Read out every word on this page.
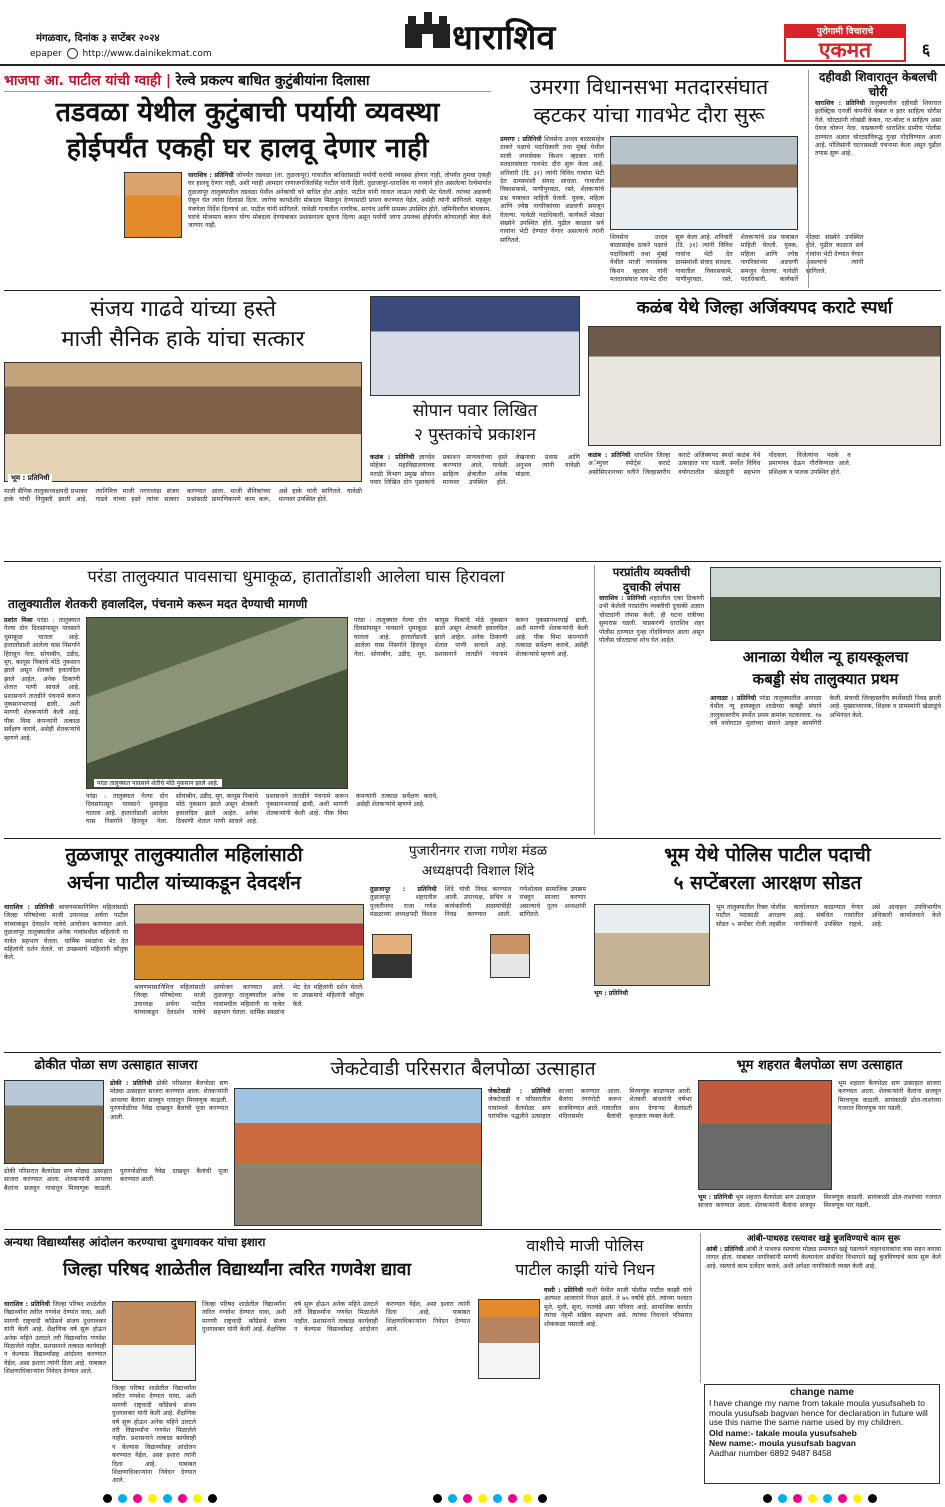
मंगळवार, दिनांक ३ सप्टेंबर २०२४
epaper http://www.dainikekmat.com	धाराशिव	पुरोगामी विचाराचे
एकमत	६
भाजपा आ. पाटील यांची ग्वाही | रेल्वे प्रकल्प बाधित कुटुंबीयांना दिलासा
तडवळा येथील कुटुंबाची पर्यायी व्यवस्था
होईपर्यंत एकही घर हालवू देणार नाही
धाराशिव : प्रतिनिधी जोपर्यंत तडवळा (ता. तुळजापूर) गावातील बाधितांसाठी पर्यायी घरांची व्यवस्था होणार नाही, तोपर्यंत तुमचा एकही घर हालवू देणार नाही, अशी ग्वाही आमदार राणाजगजितसिंह पाटील यांनी दिली. तुळजापूर-धाराशिव या नव्याने होत असलेल्या रेल्वेमार्गात तुळजापूर तालुक्यातील तडवळा येथील अनेकांची घरे बाधित होत आहेत. पाटील यांनी गावात जाऊन त्यांची भेट घेतली. त्यांच्या अडचणी ऐकून घेत त्यांना दिलासा दिला. जागेचा कायदेशीर मोबदला मिळवून देण्यासाठी प्रयत्न करण्यात येईल, असेही त्यांनी सांगितले. महसूल यंत्रणेला निर्देश दिल्याचे आ. पाटील यांनी सांगितले. यावेळी गावातील नागरिक, सरपंच आणि ग्रामस्थ उपस्थित होते. जमिनीवरील बांधकाम, घरांचे मोजमाप करून योग्य मोबदला देण्याबाबत प्रशासनाला सूचना दिल्या असून पर्यायी जागा उपलब्ध होईपर्यंत कोणालाही बेघर केले जाणार नाही.
उमरगा विधानसभा मतदारसंघात
व्हटकर यांचा गावभेट दौरा सुरू
उमरगा : प्रतिनिधी शिवसेना उध्दव बाळासाहेब ठाकरे पक्षाचे पदाधिकारी तथा मुंबई येथील माजी नगरसेवक किशन व्हटकर यांनी मतदारसंघात गावभेट दौरा सुरू केला आहे. शनिवारी (दि. ३१) त्यांनी विविध गावांना भेटी देत ग्रामस्थांशी संवाद साधला. गावातील विकासकामे, पाणीपुरवठा, रस्ते, शेतकऱ्यांचे प्रश्न याबाबत माहिती घेतली. युवक, महिला आणि ज्येष्ठ नागरिकांच्या अडचणी समजून घेतल्या. यावेळी पदाधिकारी, कार्यकर्ते मोठ्या संख्येने उपस्थित होते. पुढील काळात सर्व गावांना भेटी देण्यात येणार असल्याचे त्यांनी सांगितले.	शिवसेना उध्दव बाळासाहेब ठाकरे पक्षाचे पदाधिकारी तथा मुंबई येथील माजी नगरसेवक किशन व्हटकर यांनी मतदारसंघात गावभेट दौरा सुरू केला आहे. शनिवारी (दि. ३१) त्यांनी विविध गावांना भेटी देत ग्रामस्थांशी संवाद साधला. गावातील विकासकामे, पाणीपुरवठा, रस्ते, शेतकऱ्यांचे प्रश्न याबाबत माहिती घेतली. युवक, महिला आणि ज्येष्ठ नागरिकांच्या अडचणी समजून घेतल्या. यावेळी पदाधिकारी, कार्यकर्ते मोठ्या संख्येने उपस्थित होते. पुढील काळात सर्व गावांना भेटी देण्यात येणार असल्याचे त्यांनी सांगितले.
दहीवडी शिवारातून केबलची चोरी
धाराशिव : प्रतिनिधी तालुक्यातील दहीवडी शिवारात इलेक्ट्रिक एनर्जी कंपनीचे केबल व इतर साहित्य चोरीस गेले. चोरट्यांनी लोखंडी केबल, नट-बोल्ट व साहित्य असा ऐवज चोरून नेला. याप्रकरणी धाराशिव ग्रामीण पोलीस ठाण्यात अज्ञात चोरट्यांविरुद्ध गुन्हा नोंदविण्यात आला आहे. पोलिसांनी घटनास्थळी पंचनामा केला असून पुढील तपास सुरू आहे.
संजय गाढवे यांच्या हस्ते
माजी सैनिक हाके यांचा सत्कार
भूम : प्रतिनिधी
माजी सैनिक तालुकाध्यक्षपदी प्रभाकर हाके यांची नियुक्ती झाली आहे. त्यानिमित्त माजी नगराध्यक्ष संजय गाढवे यांच्या हस्ते त्यांचा सत्कार करण्यात आला. माजी सैनिकांच्या प्रश्नांसाठी प्रामाणिकपणे काम करू, असे हाके यांनी सांगितले. यावेळी मान्यवर उपस्थित होते.
सोपान पवार लिखित
२ पुस्तकांचे प्रकाशन
कळंब : प्रतिनिधी ज्ञानदेव मोहेकर महाविद्यालयाच्या मराठी विभाग प्रमुख सोपान पवार लिखित दोन पुस्तकांचे प्रकाशन मान्यवरांच्या हस्ते करण्यात आले. यावेळी साहित्य क्षेत्रातील अनेक मान्यवर उपस्थित होते. लेखनाचा प्रवास आणि अनुभव त्यांनी यावेळी मांडला.
कळंब येथे जिल्हा अजिंक्यपद कराटे स्पर्धा
कळंब : प्रतिनिधी धाराशिव जिल्हा अॅम्युचर स्पोर्ट्स कराटे असोसिएशनच्या वतीने जिल्हास्तरीय कराटे अजिंक्यपद स्पर्धा कळंब येथे उत्साहात पार पडली. स्पर्धेत विविध वयोगटातील खेळाडूंनी सहभाग नोंदवला. विजेत्यांना पदके व प्रमाणपत्र देऊन गौरविण्यात आले. प्रशिक्षक व पालक उपस्थित होते.
परंडा तालुक्यात पावसाचा धुमाकूळ, हातातोंडाशी आलेला घास हिरावला
तालुक्यातील शेतकरी हवालदिल, पंचनामे करून मदत देण्याची मागणी
परंडा तालुक्यात पावसाने शेतीचे मोठे नुकसान झाले आहे.
प्रशांत मिश्रा परंडा : तालुक्यात गेल्या दोन दिवसांपासून पावसाने धुमाकूळ घातला आहे. हातातोंडाशी आलेला घास निसर्गाने हिरावून नेला. सोयाबीन, उडीद, मूग, कापूस पिकांचे मोठे नुकसान झाले असून शेतकरी हवालदिल झाले आहेत. अनेक ठिकाणी शेतात पाणी साचले आहे. प्रशासनाने तातडीने पंचनामे करून नुकसानभरपाई द्यावी, अशी मागणी शेतकऱ्यांनी केली आहे. पीक विमा कंपन्यांनी तत्काळ सर्वेक्षण करावे, असेही शेतकऱ्यांचे म्हणणे आहे.
परंडा : तालुक्यात गेल्या दोन दिवसांपासून पावसाने धुमाकूळ घातला आहे. हातातोंडाशी आलेला घास निसर्गाने हिरावून नेला. सोयाबीन, उडीद, मूग, कापूस पिकांचे मोठे नुकसान झाले असून शेतकरी हवालदिल झाले आहेत. अनेक ठिकाणी शेतात पाणी साचले आहे. प्रशासनाने तातडीने पंचनामे करून नुकसानभरपाई द्यावी, अशी मागणी शेतकऱ्यांनी केली आहे. पीक विमा कंपन्यांनी तत्काळ सर्वेक्षण करावे, असेही शेतकऱ्यांचे म्हणणे आहे.
परंडा : तालुक्यात गेल्या दोन दिवसांपासून पावसाने धुमाकूळ घातला आहे. हातातोंडाशी आलेला घास निसर्गाने हिरावून नेला. सोयाबीन, उडीद, मूग, कापूस पिकांचे मोठे नुकसान झाले असून शेतकरी हवालदिल झाले आहेत. अनेक ठिकाणी शेतात पाणी साचले आहे. प्रशासनाने तातडीने पंचनामे करून नुकसानभरपाई द्यावी, अशी मागणी शेतकऱ्यांनी केली आहे. पीक विमा कंपन्यांनी तत्काळ सर्वेक्षण करावे, असेही शेतकऱ्यांचे म्हणणे आहे.
परप्रांतीय व्यक्तीची
दुचाकी लंपास
धाराशिव : प्रतिनिधी शहरातील एका ठिकाणी उभी केलेली परप्रांतीय व्यक्तीची दुचाकी अज्ञात चोरट्यांनी लंपास केली. ही घटना रात्रीच्या सुमारास घडली. याप्रकरणी धाराशिव शहर पोलीस ठाण्यात गुन्हा नोंदविण्यात आला असून पोलीस चोरट्याचा शोध घेत आहेत.
आनाळा येथील न्यू हायस्कूलचा
कबड्डी संघ तालुक्यात प्रथम
आनाळा : प्रतिनिधी परंडा तालुक्यातील आनाळा येथील न्यू हायस्कूल शाळेच्या कबड्डी संघाने तालुकास्तरीय स्पर्धेत प्रथम क्रमांक पटकावला. १७ वर्षे वयोगटात मुलांच्या संघाने उत्कृष्ट कामगिरी केली. संघाची जिल्हास्तरीय स्पर्धेसाठी निवड झाली आहे. मुख्याध्यापक, शिक्षक व ग्रामस्थांनी खेळाडूंचे अभिनंदन केले.
तुळजापूर तालुक्यातील महिलांसाठी
अर्चना पाटील यांच्याकडून देवदर्शन
धाराशिव : प्रतिनिधी श्रावणमासानिमित्त महिलांसाठी जिल्हा परिषदेच्या माजी उपाध्यक्ष अर्चना पाटील यांच्याकडून देवदर्शन यात्रेचे आयोजन करण्यात आले. तुळजापूर तालुक्यातील अनेक गावांमधील महिलांनी या यात्रेत सहभाग घेतला. धार्मिक स्थळांना भेट देत महिलांनी दर्शन घेतले. या उपक्रमाचे महिलांनी कौतुक केले.
श्रावणमासानिमित्त महिलांसाठी जिल्हा परिषदेच्या माजी उपाध्यक्ष अर्चना पाटील यांच्याकडून देवदर्शन यात्रेचे आयोजन करण्यात आले. तुळजापूर तालुक्यातील अनेक गावांमधील महिलांनी या यात्रेत सहभाग घेतला. धार्मिक स्थळांना भेट देत महिलांनी दर्शन घेतले. या उपक्रमाचे महिलांनी कौतुक केले.
पुजारीनगर राजा गणेश मंडळ
अध्यक्षपदी विशाल शिंदे
तुळजापूर : प्रतिनिधी तुळजापूर शहरातील पुजारीनगर राजा गणेश मंडळाच्या अध्यक्षपदी विशाल शिंदे यांची निवड करण्यात आली. उपाध्यक्ष, सचिव व कार्यकारिणी सदस्यांचीही निवड करण्यात आली. गणेशोत्सव सामाजिक उपक्रम राबवून साजरा करणार असल्याचे नूतन अध्यक्षांनी सांगितले.
भूम येथे पोलिस पाटील पदाची
५ सप्टेंबरला आरक्षण सोडत
भूम : प्रतिनिधी
भूम तालुक्यातील रिक्त पोलीस पाटील पदासाठी आरक्षण सोडत ५ सप्टेंबर रोजी तहसील कार्यालयात काढण्यात येणार आहे. संबंधित गावांतील नागरिकांनी उपस्थित राहावे, असे आवाहन उपविभागीय अधिकारी कार्यालयाने केले आहे.
ढोकीत पोळा सण उत्साहात साजरा
ढोकी : प्रतिनिधी ढोकी परिसरात बैलपोळा सण मोठ्या उत्साहात साजरा करण्यात आला. शेतकऱ्यांनी आपल्या बैलांना सजवून गावातून मिरवणूक काढली. पुरणपोळीचा नैवेद्य दाखवून बैलांची पूजा करण्यात आली.
ढोकी परिसरात बैलपोळा सण मोठ्या उत्साहात साजरा करण्यात आला. शेतकऱ्यांनी आपल्या बैलांना सजवून गावातून मिरवणूक काढली. पुरणपोळीचा नैवेद्य दाखवून बैलांची पूजा करण्यात आली.
जेकटेवाडी परिसरात बैलपोळा उत्साहात
जेकटेवाडी : प्रतिनिधी जेकटेवाडी व परिसरातील गावांमध्ये बैलपोळा सण पारंपरिक पद्धतीने उत्साहात साजरा करण्यात आला. बैलांना रंगरंगोटी करून सजविण्यात आले. गावातील मंदिरासमोर बैलांची मिरवणूक काढण्यात आली. शेतकरी बांधवांनी वर्षभर साथ देणाऱ्या बैलांप्रती कृतज्ञता व्यक्त केली.
भूम शहरात बैलपोळा सण उत्साहात
भूम शहरात बैलपोळा सण उत्साहात साजरा करण्यात आला. शेतकऱ्यांनी बैलांना सजवून मिरवणूक काढली. सायंकाळी ढोल-ताशांच्या गजरात मिरवणूक पार पडली.
भूम : प्रतिनिधी भूम शहरात बैलपोळा सण उत्साहात साजरा करण्यात आला. शेतकऱ्यांनी बैलांना सजवून मिरवणूक काढली. सायंकाळी ढोल-ताशांच्या गजरात मिरवणूक पार पडली.
अन्यथा विद्यार्थ्यांसह आंदोलन करण्याचा दुधगावकर यांचा इशारा
जिल्हा परिषद शाळेतील विद्यार्थ्यांना त्वरित गणवेश द्यावा
धाराशिव : प्रतिनिधी जिल्हा परिषद शाळेतील विद्यार्थ्यांना त्वरित गणवेश देण्यात यावा, अशी मागणी राष्ट्रवादी काँग्रेसचे संजय दुधगावकर यांनी केली आहे. शैक्षणिक वर्ष सुरू होऊन अनेक महिने उलटले तरी विद्यार्थ्यांना गणवेश मिळालेले नाहीत. प्रशासनाने तत्काळ कार्यवाही न केल्यास विद्यार्थ्यांसह आंदोलन करण्यात येईल, असा इशारा त्यांनी दिला आहे. याबाबत शिक्षणाधिकाऱ्यांना निवेदन देण्यात आले.
जिल्हा परिषद शाळेतील विद्यार्थ्यांना त्वरित गणवेश देण्यात यावा, अशी मागणी राष्ट्रवादी काँग्रेसचे संजय दुधगावकर यांनी केली आहे. शैक्षणिक वर्ष सुरू होऊन अनेक महिने उलटले तरी विद्यार्थ्यांना गणवेश मिळालेले नाहीत. प्रशासनाने तत्काळ कार्यवाही न केल्यास विद्यार्थ्यांसह आंदोलन करण्यात येईल, असा इशारा त्यांनी दिला आहे. याबाबत शिक्षणाधिकाऱ्यांना निवेदन देण्यात आले.
जिल्हा परिषद शाळेतील विद्यार्थ्यांना त्वरित गणवेश देण्यात यावा, अशी मागणी राष्ट्रवादी काँग्रेसचे संजय दुधगावकर यांनी केली आहे. शैक्षणिक वर्ष सुरू होऊन अनेक महिने उलटले तरी विद्यार्थ्यांना गणवेश मिळालेले नाहीत. प्रशासनाने तत्काळ कार्यवाही न केल्यास विद्यार्थ्यांसह आंदोलन करण्यात येईल, असा इशारा त्यांनी दिला आहे. याबाबत शिक्षणाधिकाऱ्यांना निवेदन देण्यात आले.
वाशीचे माजी पोलिस
पाटील काझी यांचे निधन
वाशी : प्रतिनिधी वाशी येथील माजी पोलीस पाटील काझी यांचे अल्पशा आजाराने निधन झाले. ते ७५ वर्षांचे होते. त्यांच्या पश्चात मुले, मुली, सुना, नातवंडे असा परिवार आहे. सामाजिक कार्यात त्यांचा नेहमी सक्रिय सहभाग असे. त्यांच्या निधनाने परिसरात शोककळा पसरली आहे.
आंबी-पाथरुड रस्त्यावर खड्डे बुजविण्याचे काम सुरू
आंबी : प्रतिनिधी आंबी ते पाथरुड रस्त्यावर मोठ्या प्रमाणात खड्डे पडल्याने वाहनधारकांना त्रास सहन करावा लागत होता. याबाबत नागरिकांनी मागणी केल्यानंतर संबंधित विभागाने खड्डे बुजविण्याचे काम सुरू केले आहे. रस्त्याचे काम दर्जेदार करावे, अशी अपेक्षा नागरिकांनी व्यक्त केली आहे.
change name
I have change my name from takale moula yusufsaheb to moula yusufsab bagvan hence for declaration in future will use this name the same name used by my children.
Old name:- takale moula yusufsaheb
New name:- moula yusufsab bagvan
Aadhar number 6892 9487 8458
